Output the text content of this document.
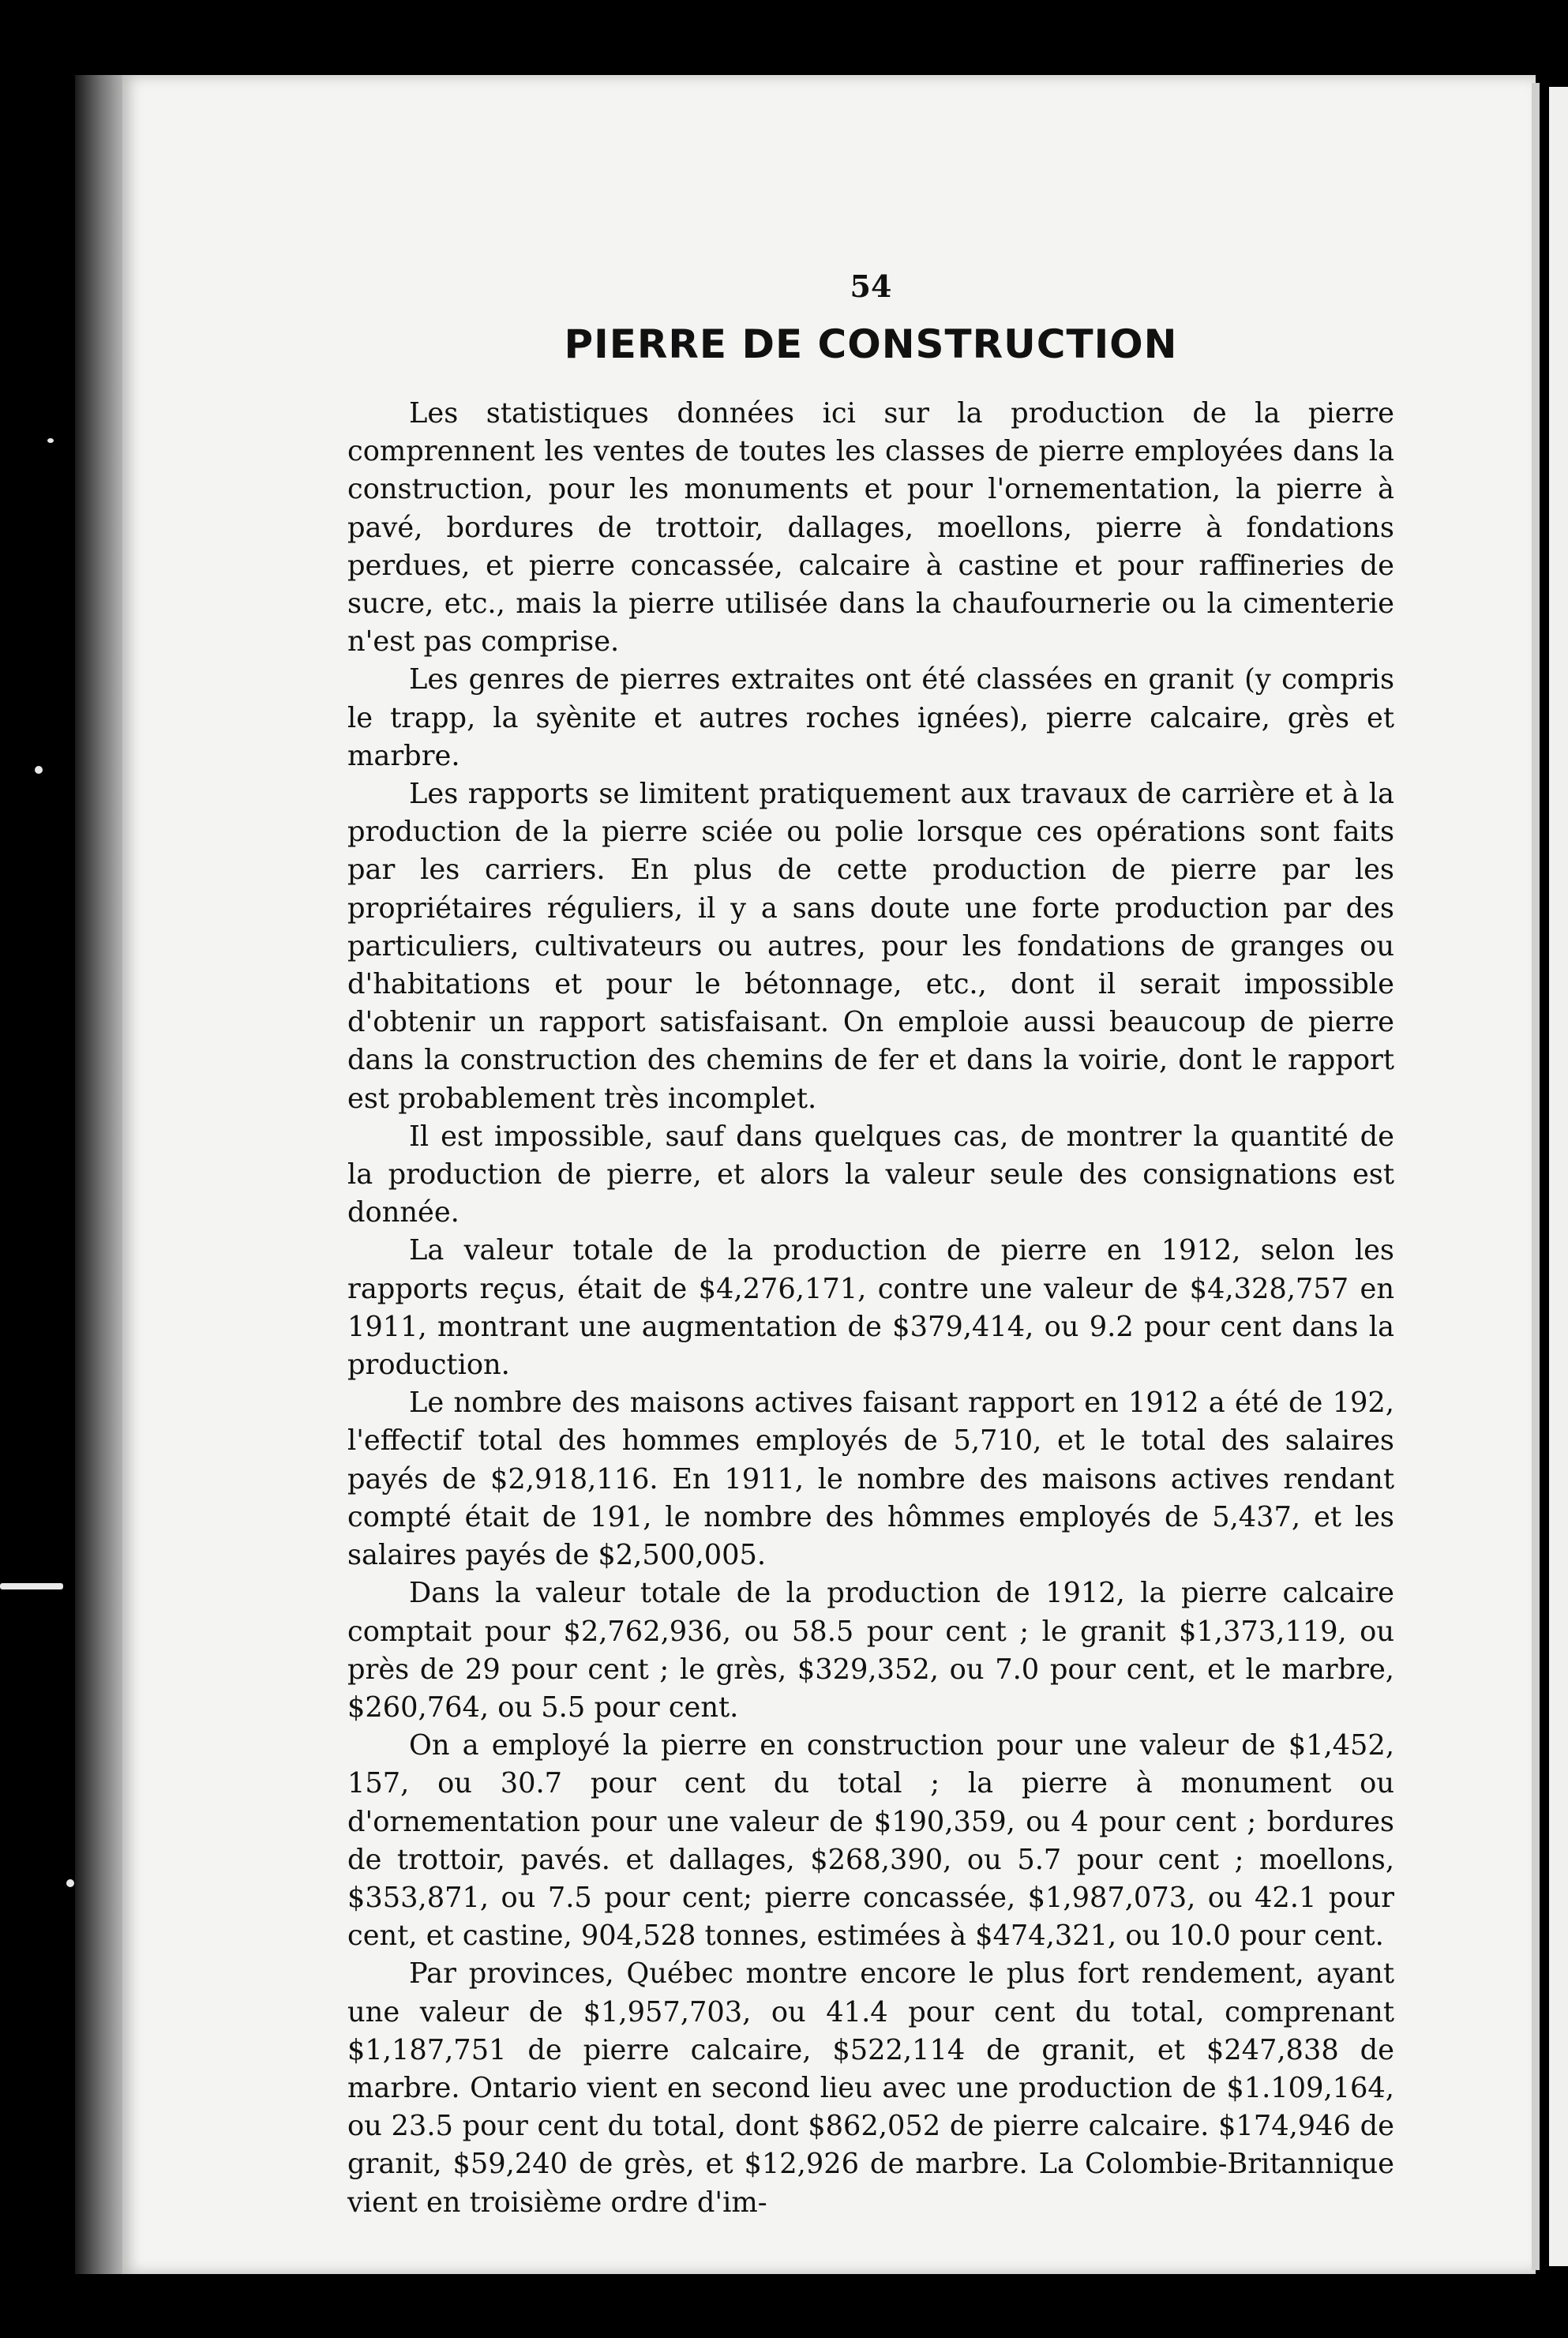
54
PIERRE DE CONSTRUCTION

Les statistiques données ici sur la production de la pierre comprennent les ventes de toutes les classes de pierre employées dans la construction, pour les monuments et pour l'ornementation, la pierre à pavé, bordures de trottoir, dallages, moellons, pierre à fondations perdues, et pierre concassée, calcaire à castine et pour raffineries de sucre, etc., mais la pierre utilisée dans la chaufournerie ou la cimenterie n'est pas comprise.

Les genres de pierres extraites ont été classées en granit (y compris le trapp, la syènite et autres roches ignées), pierre calcaire, grès et marbre.

Les rapports se limitent pratiquement aux travaux de carrière et à la production de la pierre sciée ou polie lorsque ces opérations sont faits par les carriers. En plus de cette production de pierre par les propriétaires réguliers, il y a sans doute une forte production par des particuliers, cultivateurs ou autres, pour les fondations de granges ou d'habitations et pour le bétonnage, etc., dont il serait impossible d'obtenir un rapport satisfaisant. On emploie aussi beaucoup de pierre dans la construction des chemins de fer et dans la voirie, dont le rapport est probablement très incomplet.

Il est impossible, sauf dans quelques cas, de montrer la quantité de la production de pierre, et alors la valeur seule des consignations est donnée.

La valeur totale de la production de pierre en 1912, selon les rapports reçus, était de $4,276,171, contre une valeur de $4,328,757 en 1911, montrant une augmentation de $379,414, ou 9.2 pour cent dans la production.

Le nombre des maisons actives faisant rapport en 1912 a été de 192, l'effectif total des hommes employés de 5,710, et le total des salaires payés de $2,918,116. En 1911, le nombre des maisons actives rendant compté était de 191, le nombre des hômmes employés de 5,437, et les salaires payés de $2,500,005.

Dans la valeur totale de la production de 1912, la pierre calcaire comptait pour $2,762,936, ou 58.5 pour cent ; le granit $1,373,119, ou près de 29 pour cent ; le grès, $329,352, ou 7.0 pour cent, et le marbre, $260,764, ou 5.5 pour cent.

On a employé la pierre en construction pour une valeur de $1,452, 157, ou 30.7 pour cent du total ; la pierre à monument ou d'ornementation pour une valeur de $190,359, ou 4 pour cent ; bordures de trottoir, pavés. et dallages, $268,390, ou 5.7 pour cent ; moellons, $353,871, ou 7.5 pour cent; pierre concassée, $1,987,073, ou 42.1 pour cent, et castine, 904,528 tonnes, estimées à $474,321, ou 10.0 pour cent.

Par provinces, Québec montre encore le plus fort rendement, ayant une valeur de $1,957,703, ou 41.4 pour cent du total, comprenant $1,187,751 de pierre calcaire, $522,114 de granit, et $247,838 de marbre. Ontario vient en second lieu avec une production de $1.109,164, ou 23.5 pour cent du total, dont $862,052 de pierre calcaire. $174,946 de granit, $59,240 de grès, et $12,926 de marbre. La Colombie-Britannique vient en troisième ordre d'im-
